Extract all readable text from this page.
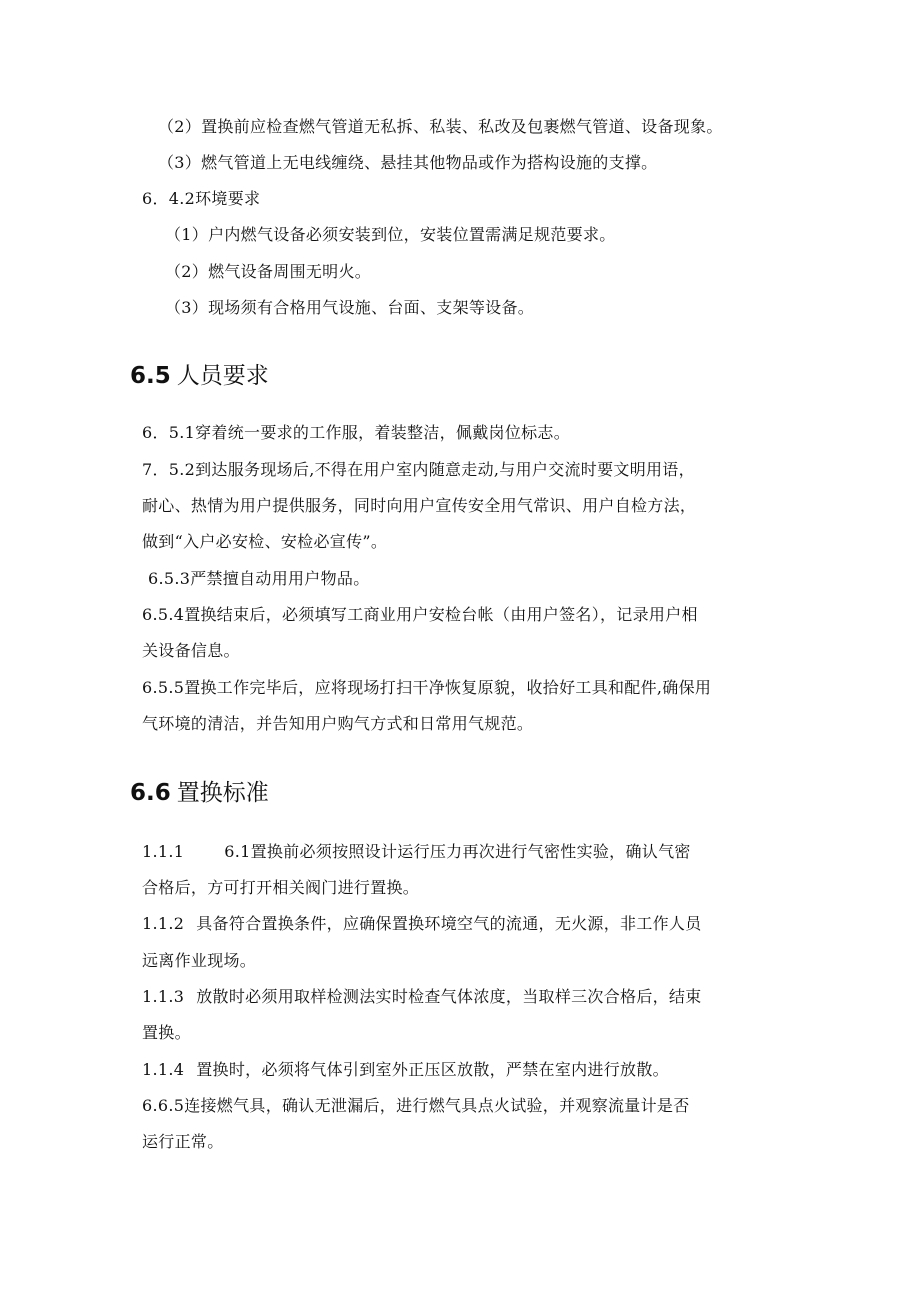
（2）置换前应检查燃气管道无私拆、私装、私改及包裹燃气管道、设备现象。
（3）燃气管道上无电线缠绕、悬挂其他物品或作为搭构设施的支撑。
6．4.2环境要求
（1）户内燃气设备必须安装到位，安装位置需满足规范要求。
（2）燃气设备周围无明火。
（3）现场须有合格用气设施、台面、支架等设备。
6.5 人员要求
6．5.1穿着统一要求的工作服，着装整洁，佩戴岗位标志。
7．5.2到达服务现场后,不得在用户室内随意走动,与用户交流时要文明用语，
耐心、热情为用户提供服务，同时向用户宣传安全用气常识、用户自检方法，
做到“入户必安检、安检必宣传”。
6.5.3严禁擅自动用用户物品。
6.5.4置换结束后，必须填写工商业用户安检台帐（由用户签名），记录用户相
关设备信息。
6.5.5置换工作完毕后，应将现场打扫干净恢复原貌，收拾好工具和配件,确保用
气环境的清洁，并告知用户购气方式和日常用气规范。
6.6 置换标准
1.1.1	6.1置换前必须按照设计运行压力再次进行气密性实验，确认气密
合格后，方可打开相关阀门进行置换。
1.1.2 具备符合置换条件，应确保置换环境空气的流通，无火源，非工作人员
远离作业现场。
1.1.3 放散时必须用取样检测法实时检查气体浓度，当取样三次合格后，结束
置换。
1.1.4 置换时，必须将气体引到室外正压区放散，严禁在室内进行放散。
6.6.5连接燃气具，确认无泄漏后，进行燃气具点火试验，并观察流量计是否
运行正常。
